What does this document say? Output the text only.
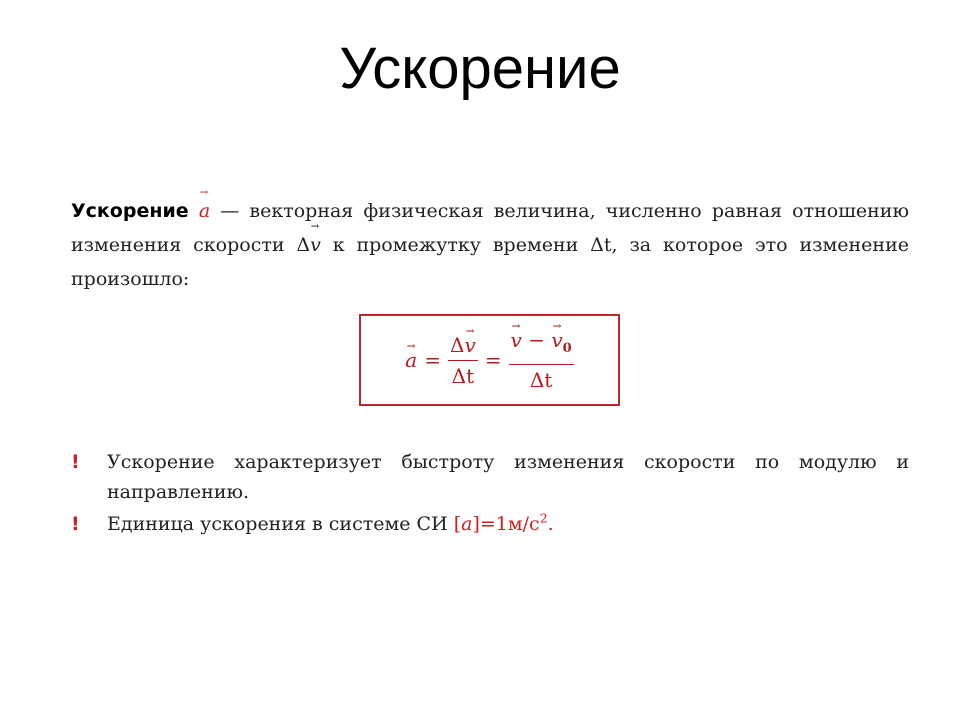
Ускорение
Ускорение → a — векторная физическая величина, численно равная отношению изменения скорости Δ→ v к промежутку времени Δt, за которое это изменение произошло:
→ $a = \frac{\Delta\to v}{\Delta t}$ = → $\frac{v - \to v_0}{\Delta t}$
!	Ускорение характеризует быстроту изменения скорости по модулю и направлению.
!	Единица ускорения в системе СИ $[a]=1м/с^2$.
